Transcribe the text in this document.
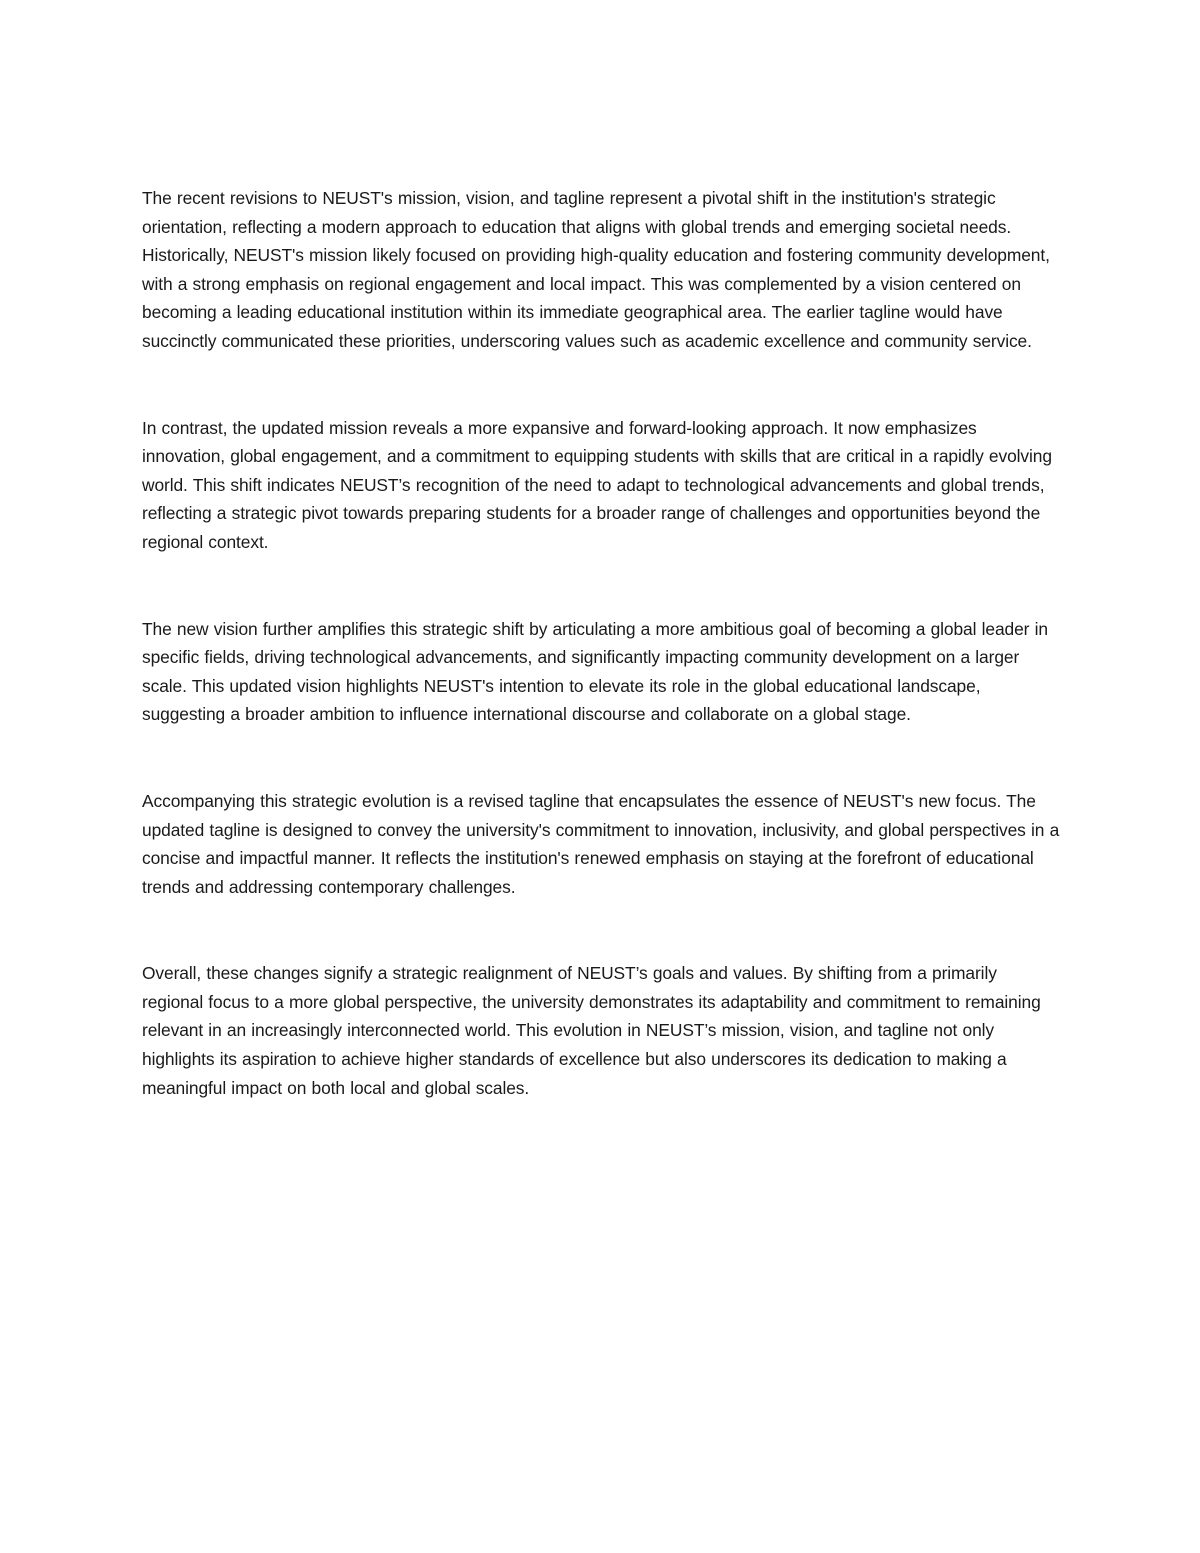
The recent revisions to NEUST's mission, vision, and tagline represent a pivotal shift in the institution's strategic orientation, reflecting a modern approach to education that aligns with global trends and emerging societal needs. Historically, NEUST's mission likely focused on providing high-quality education and fostering community development, with a strong emphasis on regional engagement and local impact. This was complemented by a vision centered on becoming a leading educational institution within its immediate geographical area. The earlier tagline would have succinctly communicated these priorities, underscoring values such as academic excellence and community service.

In contrast, the updated mission reveals a more expansive and forward-looking approach. It now emphasizes innovation, global engagement, and a commitment to equipping students with skills that are critical in a rapidly evolving world. This shift indicates NEUST’s recognition of the need to adapt to technological advancements and global trends, reflecting a strategic pivot towards preparing students for a broader range of challenges and opportunities beyond the regional context.

The new vision further amplifies this strategic shift by articulating a more ambitious goal of becoming a global leader in specific fields, driving technological advancements, and significantly impacting community development on a larger scale. This updated vision highlights NEUST's intention to elevate its role in the global educational landscape, suggesting a broader ambition to influence international discourse and collaborate on a global stage.

Accompanying this strategic evolution is a revised tagline that encapsulates the essence of NEUST's new focus. The updated tagline is designed to convey the university's commitment to innovation, inclusivity, and global perspectives in a concise and impactful manner. It reflects the institution's renewed emphasis on staying at the forefront of educational trends and addressing contemporary challenges.

Overall, these changes signify a strategic realignment of NEUST’s goals and values. By shifting from a primarily regional focus to a more global perspective, the university demonstrates its adaptability and commitment to remaining relevant in an increasingly interconnected world. This evolution in NEUST’s mission, vision, and tagline not only highlights its aspiration to achieve higher standards of excellence but also underscores its dedication to making a meaningful impact on both local and global scales.
